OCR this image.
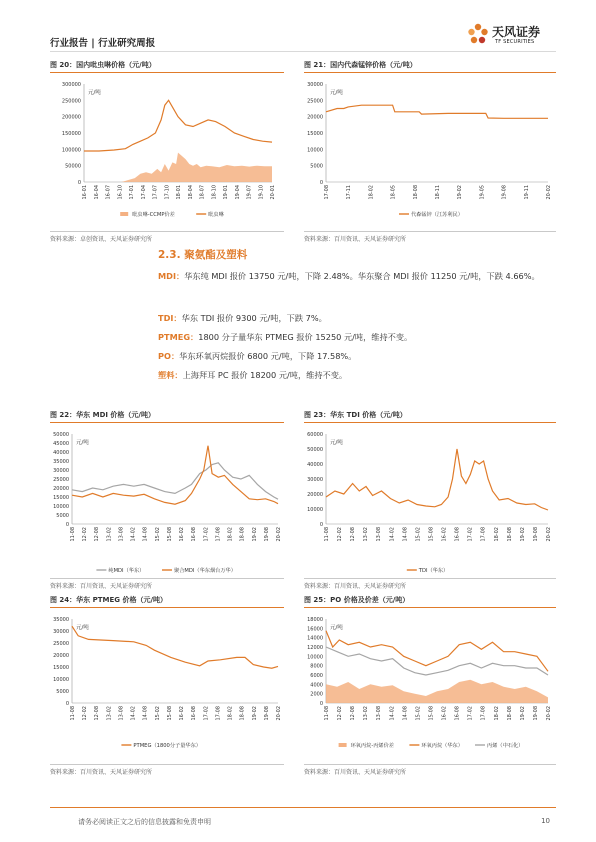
行业报告 | 行业研究周报
天风证券
TF SECURITIES
图 20：国内吡虫啉价格（元/吨）
0
50000
100000
150000
200000
250000
300000
元/吨
16-01 16-04 16-07 16-10 17-01 17-04 17-07 17-10 18-01 18-04 18-07 18-10 19-01 19-04 19-07 19-10 20-01
吡虫啉-CCMP价差	吡虫啉
资料来源：卓创资讯、天风证券研究所
图 21：国内代森锰锌价格（元/吨）
0
5000
10000
15000
20000
25000
30000
元/吨
17-08	17-11	18-02	18-05	18-08	18-11	19-02	19-05	19-08	19-11	20-02
代森锰锌（江苏利民）
资料来源：百川资讯、天风证券研究所
2.3. 聚氨酯及塑料
MDI：华东纯 MDI 报价 13750 元/吨，下降 2.48%。华东聚合 MDI 报价 11250 元/吨，下跌 4.66%。
TDI：华东 TDI 报价 9300 元/吨，下跌 7%。
PTMEG：1800 分子量华东 PTMEG 报价 15250 元/吨，维持不变。
PO：华东环氧丙烷报价 6800 元/吨，下降 17.58%。
塑料：上海拜耳 PC 报价 18200 元/吨，维持不变。
图 22：华东 MDI 价格（元/吨）
0
5000
10000
15000
20000
25000
30000
35000
40000
45000
50000
元/吨
11-08 12-02 12-08 13-02 13-08 14-02 14-08 15-02 15-08 16-02 16-08 17-02 17-08 18-02 18-08 19-02 19-08 20-02
纯MDI（华东）	聚合MDI（华东烟台万华）
资料来源：百川资讯、天风证券研究所
图 23：华东 TDI 价格（元/吨）
0
10000
20000
30000
40000
50000
60000
元/吨
11-08 12-02 12-08 13-02 13-08 14-02 14-08 15-02 15-08 16-02 16-08 17-02 17-08 18-02 18-08 19-02 19-08 20-02
TDI（华东）
资料来源：百川资讯、天风证券研究所
图 24：华东 PTMEG 价格（元/吨）
0
5000
10000
15000
20000
25000
30000
35000
元/吨
11-08 12-02 12-08 13-02 13-08 14-02 14-08 15-02 15-08 16-02 16-08 17-02 17-08 18-02 18-08 19-02 19-08 20-02
PTMEG（1800分子量华东）
资料来源：百川资讯、天风证券研究所
图 25：PO 价格及价差（元/吨）
0
2000
4000
6000
8000
10000
12000
14000
16000
18000
元/吨
11-08 12-02 12-08 13-02 13-08 14-02 14-08 15-02 15-08 16-02 16-08 17-02 17-08 18-02 18-08 19-02 19-08 20-02
环氧丙烷-丙烯价差	环氧丙烷（华东）	丙烯（中石化）
资料来源：百川资讯、天风证券研究所
请务必阅读正文之后的信息披露和免责申明	10
